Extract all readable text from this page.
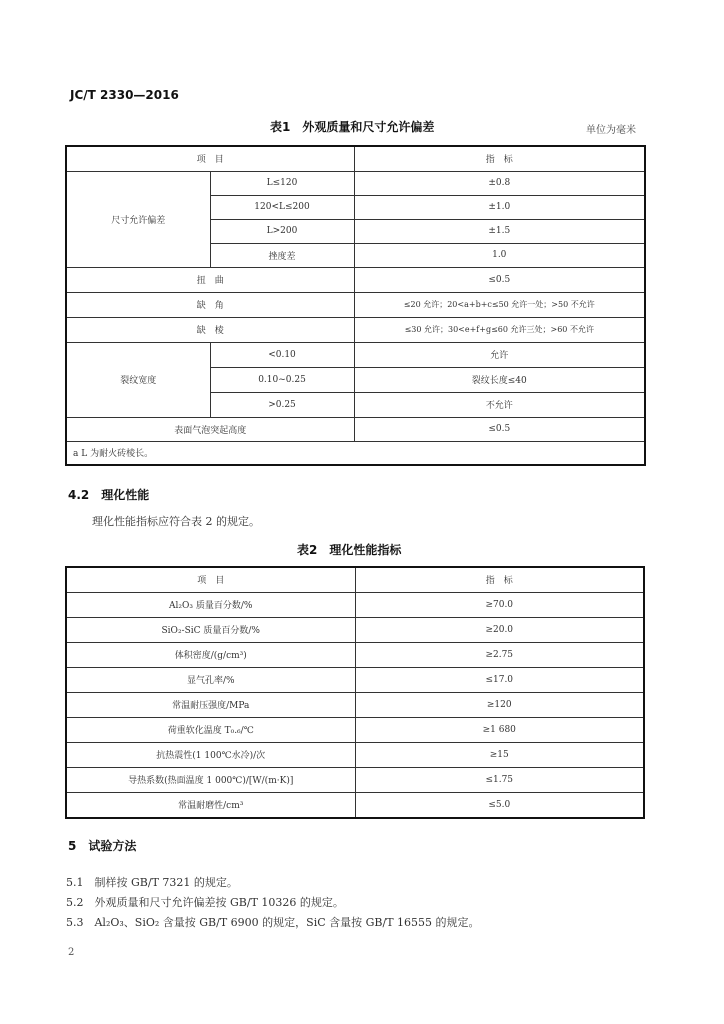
JC/T 2330—2016
表1　外观质量和尺寸允许偏差	单位为毫米
项　目		指　标
尺寸允许偏差	L≤120	±0.8
	120<L≤200	±1.0
	L>200	±1.5
	挫度差	1.0
扭　曲		≤0.5
缺　角		≤20 允许；20<a+b+c≤50 允许一处；>50 不允许
缺　棱		≤30 允许；30<e+f+g≤60 允许三处；>60 不允许
裂纹宽度	<0.10	允许
	0.10~0.25	裂纹长度≤40
	>0.25	不允许
表面气泡突起高度		≤0.5
a L 为耐火砖棱长。		
4.2　理化性能
理化性能指标应符合表 2 的规定。
表2　理化性能指标
项　目	指　标
Al₂O₃ 质量百分数/%	≥70.0
SiO₂-SiC 质量百分数/%	≥20.0
体积密度/(g/cm³)	≥2.75
显气孔率/%	≤17.0
常温耐压强度/MPa	≥120
荷重软化温度 T₀.₆/℃	≥1 680
抗热震性(1 100℃水冷)/次	≥15
导热系数(热面温度 1 000℃)/[W/(m·K)]	≤1.75
常温耐磨性/cm³	≤5.0
5　试验方法
5.1　制样按 GB/T 7321 的规定。
5.2　外观质量和尺寸允许偏差按 GB/T 10326 的规定。
5.3　Al₂O₃、SiO₂ 含量按 GB/T 6900 的规定，SiC 含量按 GB/T 16555 的规定。
2
